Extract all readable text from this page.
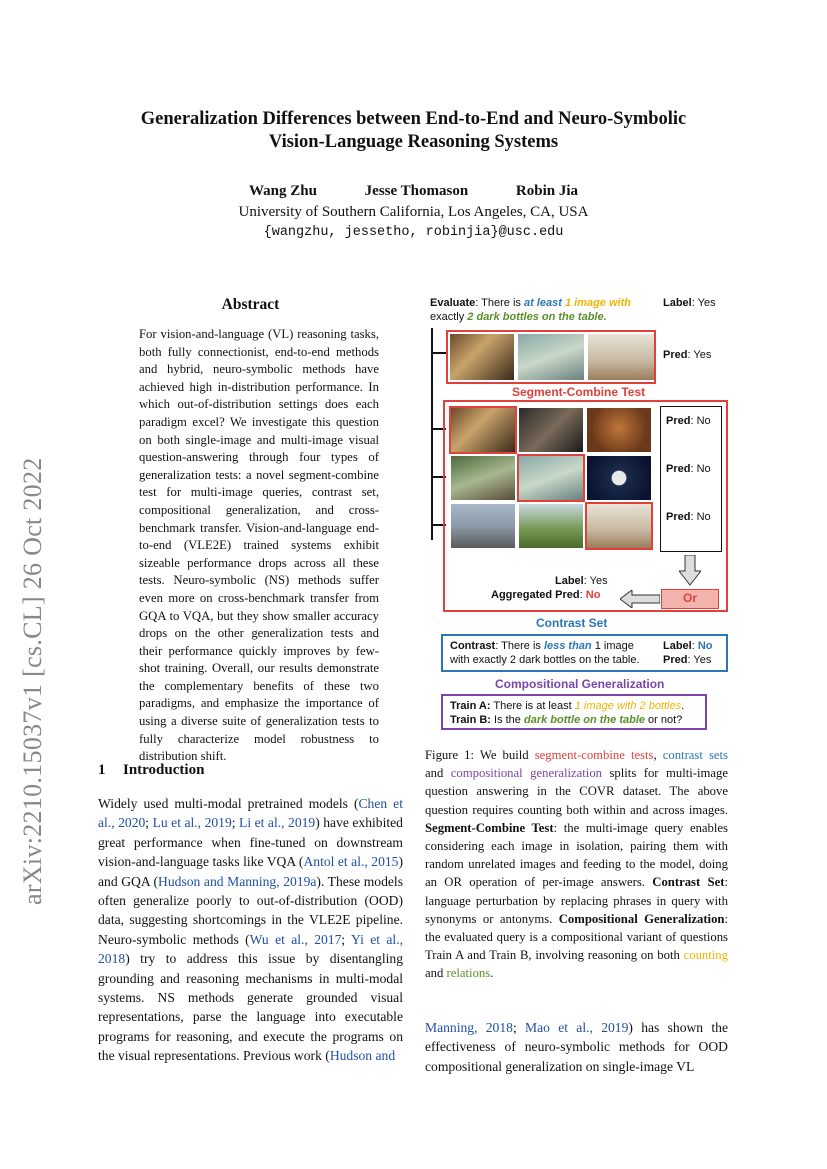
Generalization Differences between End-to-End and Neuro-Symbolic
Vision-Language Reasoning Systems
Wang Zhu	Jesse Thomason	Robin Jia
University of Southern California, Los Angeles, CA, USA
{wangzhu, jessetho, robinjia}@usc.edu
arXiv:2210.15037v1 [cs.CL] 26 Oct 2022
Abstract
For vision-and-language (VL) reasoning tasks, both fully connectionist, end-to-end methods and hybrid, neuro-symbolic methods have achieved high in-distribution performance. In which out-of-distribution settings does each paradigm excel? We investigate this question on both single-image and multi-image visual question-answering through four types of generalization tests: a novel segment-combine test for multi-image queries, contrast set, compositional generalization, and cross-benchmark transfer. Vision-and-language end-to-end (VLE2E) trained systems exhibit sizeable performance drops across all these tests. Neuro-symbolic (NS) methods suffer even more on cross-benchmark transfer from GQA to VQA, but they show smaller accuracy drops on the other generalization tests and their performance quickly improves by few-shot training. Overall, our results demonstrate the complementary benefits of these two paradigms, and emphasize the importance of using a diverse suite of generalization tests to fully characterize model robustness to distribution shift.
1 Introduction
Widely used multi-modal pretrained models (Chen et al., 2020; Lu et al., 2019; Li et al., 2019) have exhibited great performance when fine-tuned on downstream vision-and-language tasks like VQA (Antol et al., 2015) and GQA (Hudson and Manning, 2019a). These models often generalize poorly to out-of-distribution (OOD) data, suggesting shortcomings in the VLE2E pipeline. Neuro-symbolic methods (Wu et al., 2017; Yi et al., 2018) try to address this issue by disentangling grounding and reasoning mechanisms in multi-modal systems. NS methods generate grounded visual representations, parse the language into executable programs for reasoning, and execute the programs on the visual representations. Previous work (Hudson and
Manning, 2018; Mao et al., 2019) has shown the effectiveness of neuro-symbolic methods for OOD compositional generalization on single-image VL
Evaluate: There is at least 1 image with
exactly 2 dark bottles on the table.
Label: Yes
Pred: Yes
Segment-Combine Test
Pred: No
Pred: No
Pred: No
Or
Label: Yes
Aggregated Pred: No
Contrast Set
Contrast: There is less than 1 image
with exactly 2 dark bottles on the table.
Label: No
Pred: Yes
Compositional Generalization
Train A: There is at least 1 image with 2 bottles.
Train B: Is the dark bottle on the table or not?
Figure 1: We build segment-combine tests, contrast sets and compositional generalization splits for multi-image question answering in the COVR dataset. The above question requires counting both within and across images. Segment-Combine Test: the multi-image query enables considering each image in isolation, pairing them with random unrelated images and feeding to the model, doing an OR operation of per-image answers. Contrast Set: language perturbation by replacing phrases in query with synonyms or antonyms. Compositional Generalization: the evaluated query is a compositional variant of questions Train A and Train B, involving reasoning on both counting and relations.
